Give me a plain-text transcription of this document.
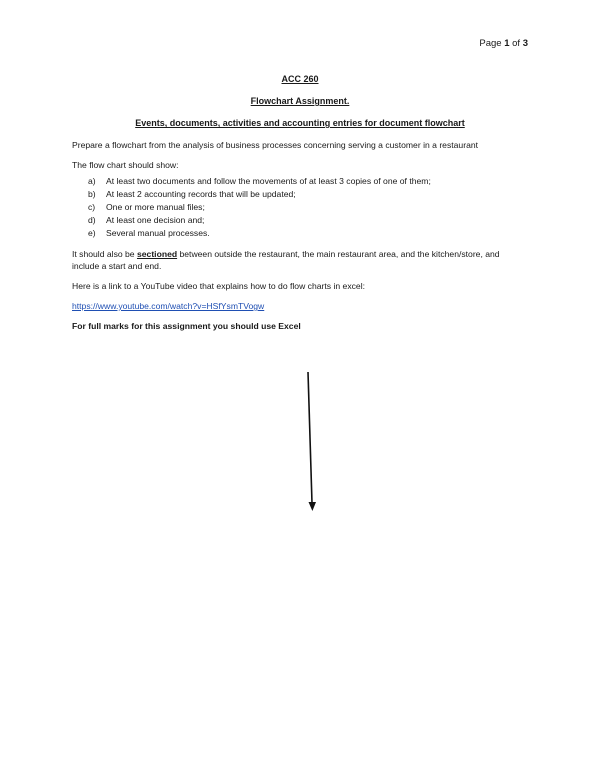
Page 1 of 3
ACC 260
Flowchart Assignment.
Events, documents, activities and accounting entries for document flowchart

Prepare a flowchart from the analysis of business processes concerning serving a customer in a restaurant

The flow chart should show:

a)	At least two documents and follow the movements of at least 3 copies of one of them;
b)	At least 2 accounting records that will be updated;
c)	One or more manual files;
d)	At least one decision and;
e)	Several manual processes.

It should also be sectioned between outside the restaurant, the main restaurant area, and the kitchen/store, and include a start and end.

Here is a link to a YouTube video that explains how to do flow charts in excel:

https://www.youtube.com/watch?v=HSfYsmTVogw

For full marks for this assignment you should use Excel
